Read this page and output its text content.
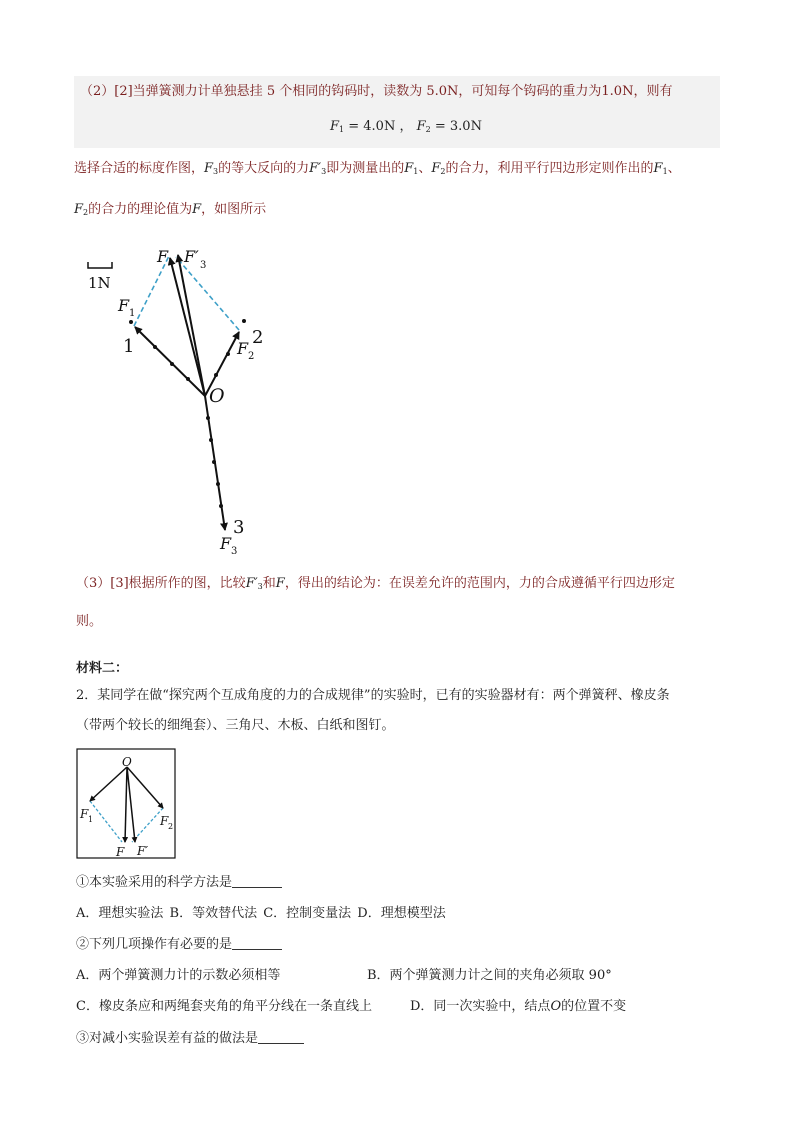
（2）[2]当弹簧测力计单独悬挂 5 个相同的钩码时，读数为 5.0N，可知每个钩码的重力为1.0N，则有
$F_1 = 4.0N$ ， $F_2 = 3.0N$
选择合适的标度作图，$F_3$的等大反向的力$F'_3$即为测量出的$F_1$、$F_2$的合力，利用平行四边形定则作出的$F_1$、
$F_2$的合力的理论值为F，如图所示
1N
F F′ 3
F 1
1	2
F 2
O
3
F 3
（3）[3]根据所作的图，比较$F'_3$和F，得出的结论为：在误差允许的范围内，力的合成遵循平行四边形定
则。
材料二：
2．某同学在做“探究两个互成角度的力的合成规律”的实验时，已有的实验器材有：两个弹簧秤、橡皮条
（带两个较长的细绳套）、三角尺、木板、白纸和图钉。
O
F 1	F 2
F F′
①本实验采用的科学方法是
A．理想实验法 B．等效替代法 C．控制变量法 D．理想模型法
②下列几项操作有必要的是
A．两个弹簧测力计的示数必须相等	B．两个弹簧测力计之间的夹角必须取 90°
C．橡皮条应和两绳套夹角的角平分线在一条直线上	D．同一次实验中，结点O的位置不变
③对减小实验误差有益的做法是
